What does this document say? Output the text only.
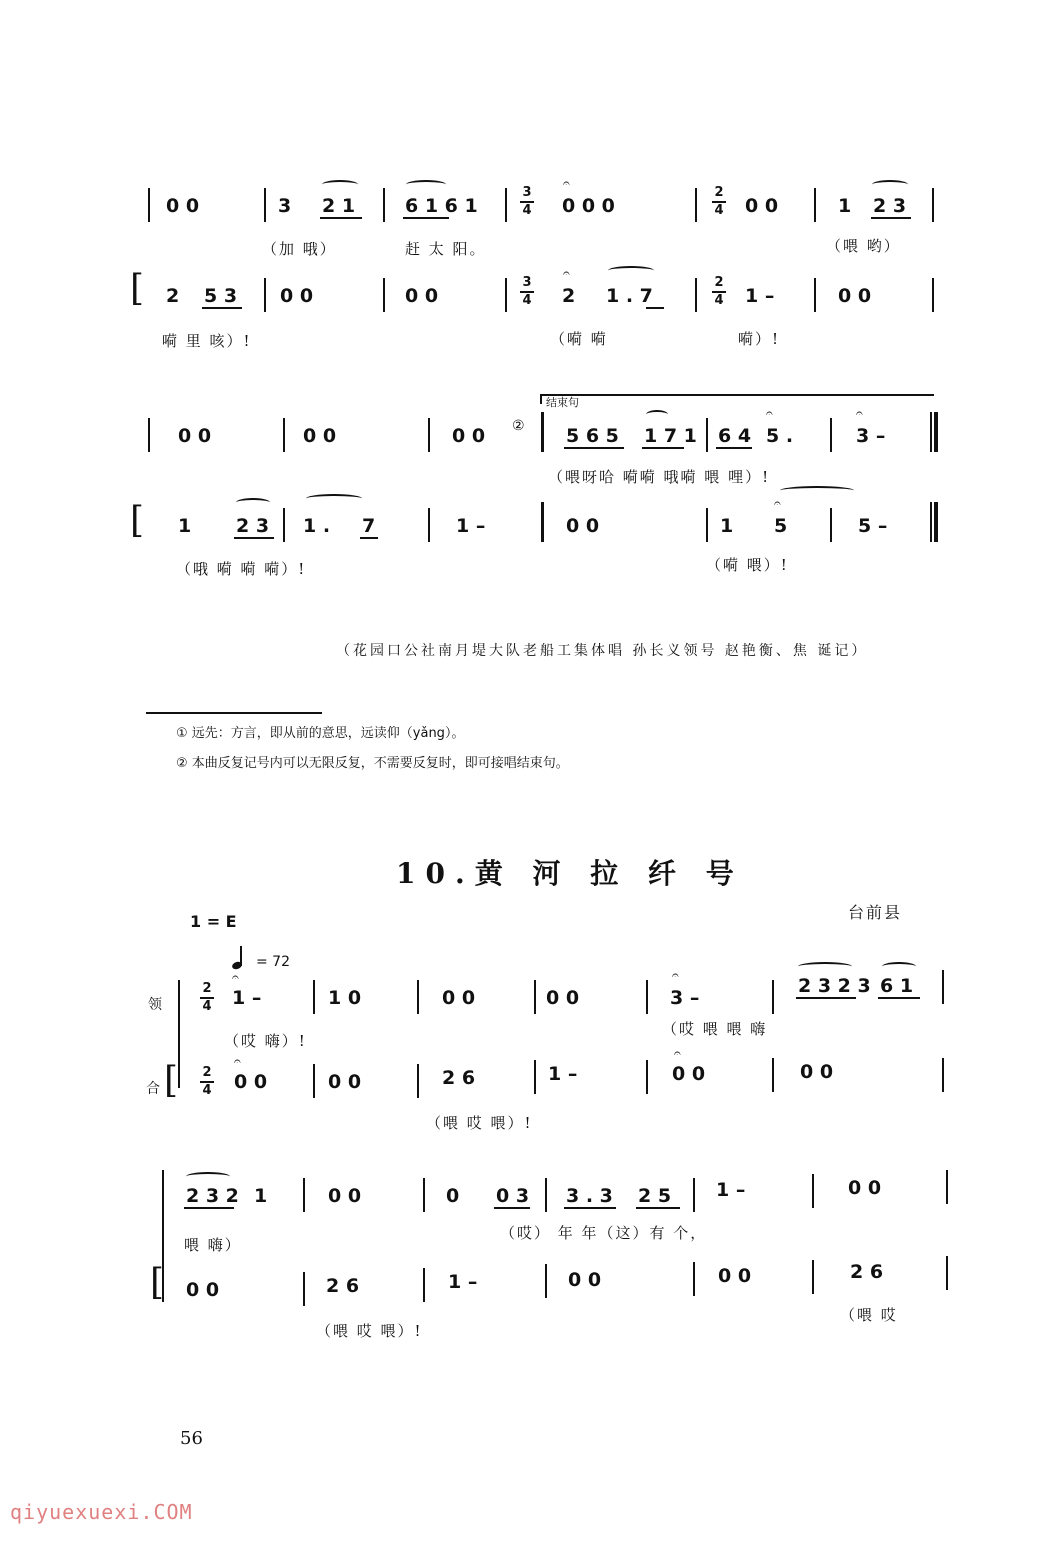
0 0	3 2 1	6 1 6 1
3
4 0 0 0
𝄐
2
4 0 0	1 2 3
（加 哦）	赶 太 阳。	（喂 哟）
[ 2 5 3 0 0	0 0
3
4 2
𝄐
1 . 7
2
4 1 –	0 0
嗬 里 咳）!	（嗬 嗬	嗬）!
结束句
0 0	0 0	0 0 ② 5 6 5 1 7 1 6 4 5 .
𝄐
3 –
𝄐
（喂呀哈 嗬嗬 哦嗬 喂 哩）!
[ 1 2 3 1 . 7	1 –	0 0	1 5
𝄐
5 –
（哦 嗬 嗬 嗬）!	（嗬 喂）!
（花园口公社南月堤大队老船工集体唱 孙长义领号 赵艳衡、焦 诞记）
① 远先：方言，即从前的意思，远读仰（yǎng）。
② 本曲反复记号内可以无限反复，不需要反复时，即可接唱结束句。
10.黄 河 拉 纤 号
台前县
1 = E
= 72
领
2
4 1 –
𝄐
1 0	0 0	0 0	3 –
𝄐	2 3 2 3 6 1
（哎 嗨）!
（哎 喂 喂 嗨
合 [ 2
4 0 0
𝄐
0 0	2 6	1 –	0 0
𝄐
0 0
（喂 哎 喂）!
2 3 2 1	0 0	0 0 3 3 . 3 2 5 1 –	0 0
喂 嗨）
（哎） 年 年（这）有 个，
[ 0 0	2 6	1 –	0 0	0 0	2 6
（喂 哎 喂）!
（喂 哎
56
qiyuexuexi.COM
